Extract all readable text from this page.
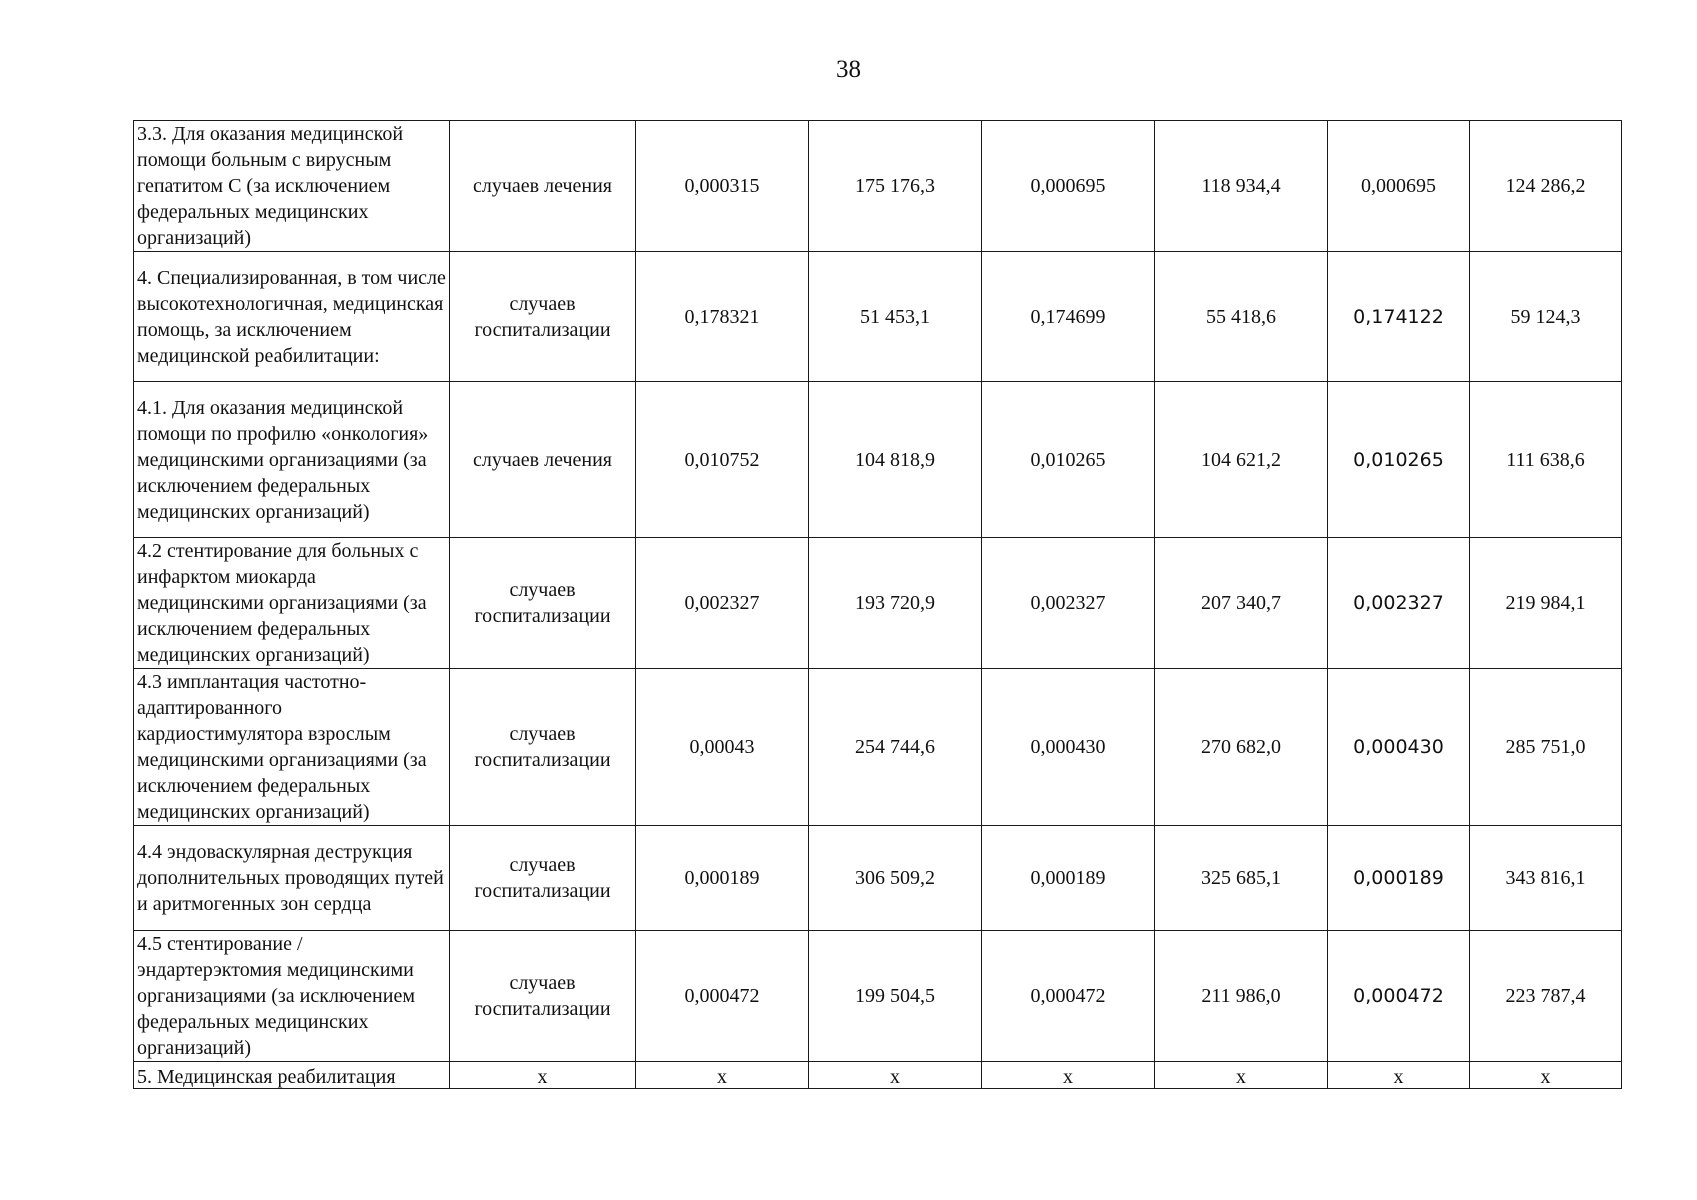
38
3.3. Для оказания медицинской помощи больным с вирусным гепатитом С (за исключением федеральных медицинских организаций)	случаев лечения	0,000315	175 176,3	0,000695	118 934,4	0,000695	124 286,2
4. Специализированная, в том числе высокотехнологичная, медицинская помощь, за исключением медицинской реабилитации:	случаев госпитализации	0,178321	51 453,1	0,174699	55 418,6	0,174122	59 124,3
4.1. Для оказания медицинской помощи по профилю «онкология» медицинскими организациями (за исключением федеральных медицинских организаций)	случаев лечения	0,010752	104 818,9	0,010265	104 621,2	0,010265	111 638,6
4.2 стентирование для больных с инфарктом миокарда медицинскими организациями (за исключением федеральных медицинских организаций)	случаев госпитализации	0,002327	193 720,9	0,002327	207 340,7	0,002327	219 984,1
4.3 имплантация частотно-адаптированного кардиостимулятора взрослым медицинскими организациями (за исключением федеральных медицинских организаций)	случаев госпитализации	0,00043	254 744,6	0,000430	270 682,0	0,000430	285 751,0
4.4 эндоваскулярная деструкция дополнительных проводящих путей и аритмогенных зон сердца	случаев госпитализации	0,000189	306 509,2	0,000189	325 685,1	0,000189	343 816,1
4.5 стентирование / эндартерэктомия медицинскими организациями (за исключением федеральных медицинских организаций)	случаев госпитализации	0,000472	199 504,5	0,000472	211 986,0	0,000472	223 787,4
5. Медицинская реабилитация	х	х	х	х	х	х	х
